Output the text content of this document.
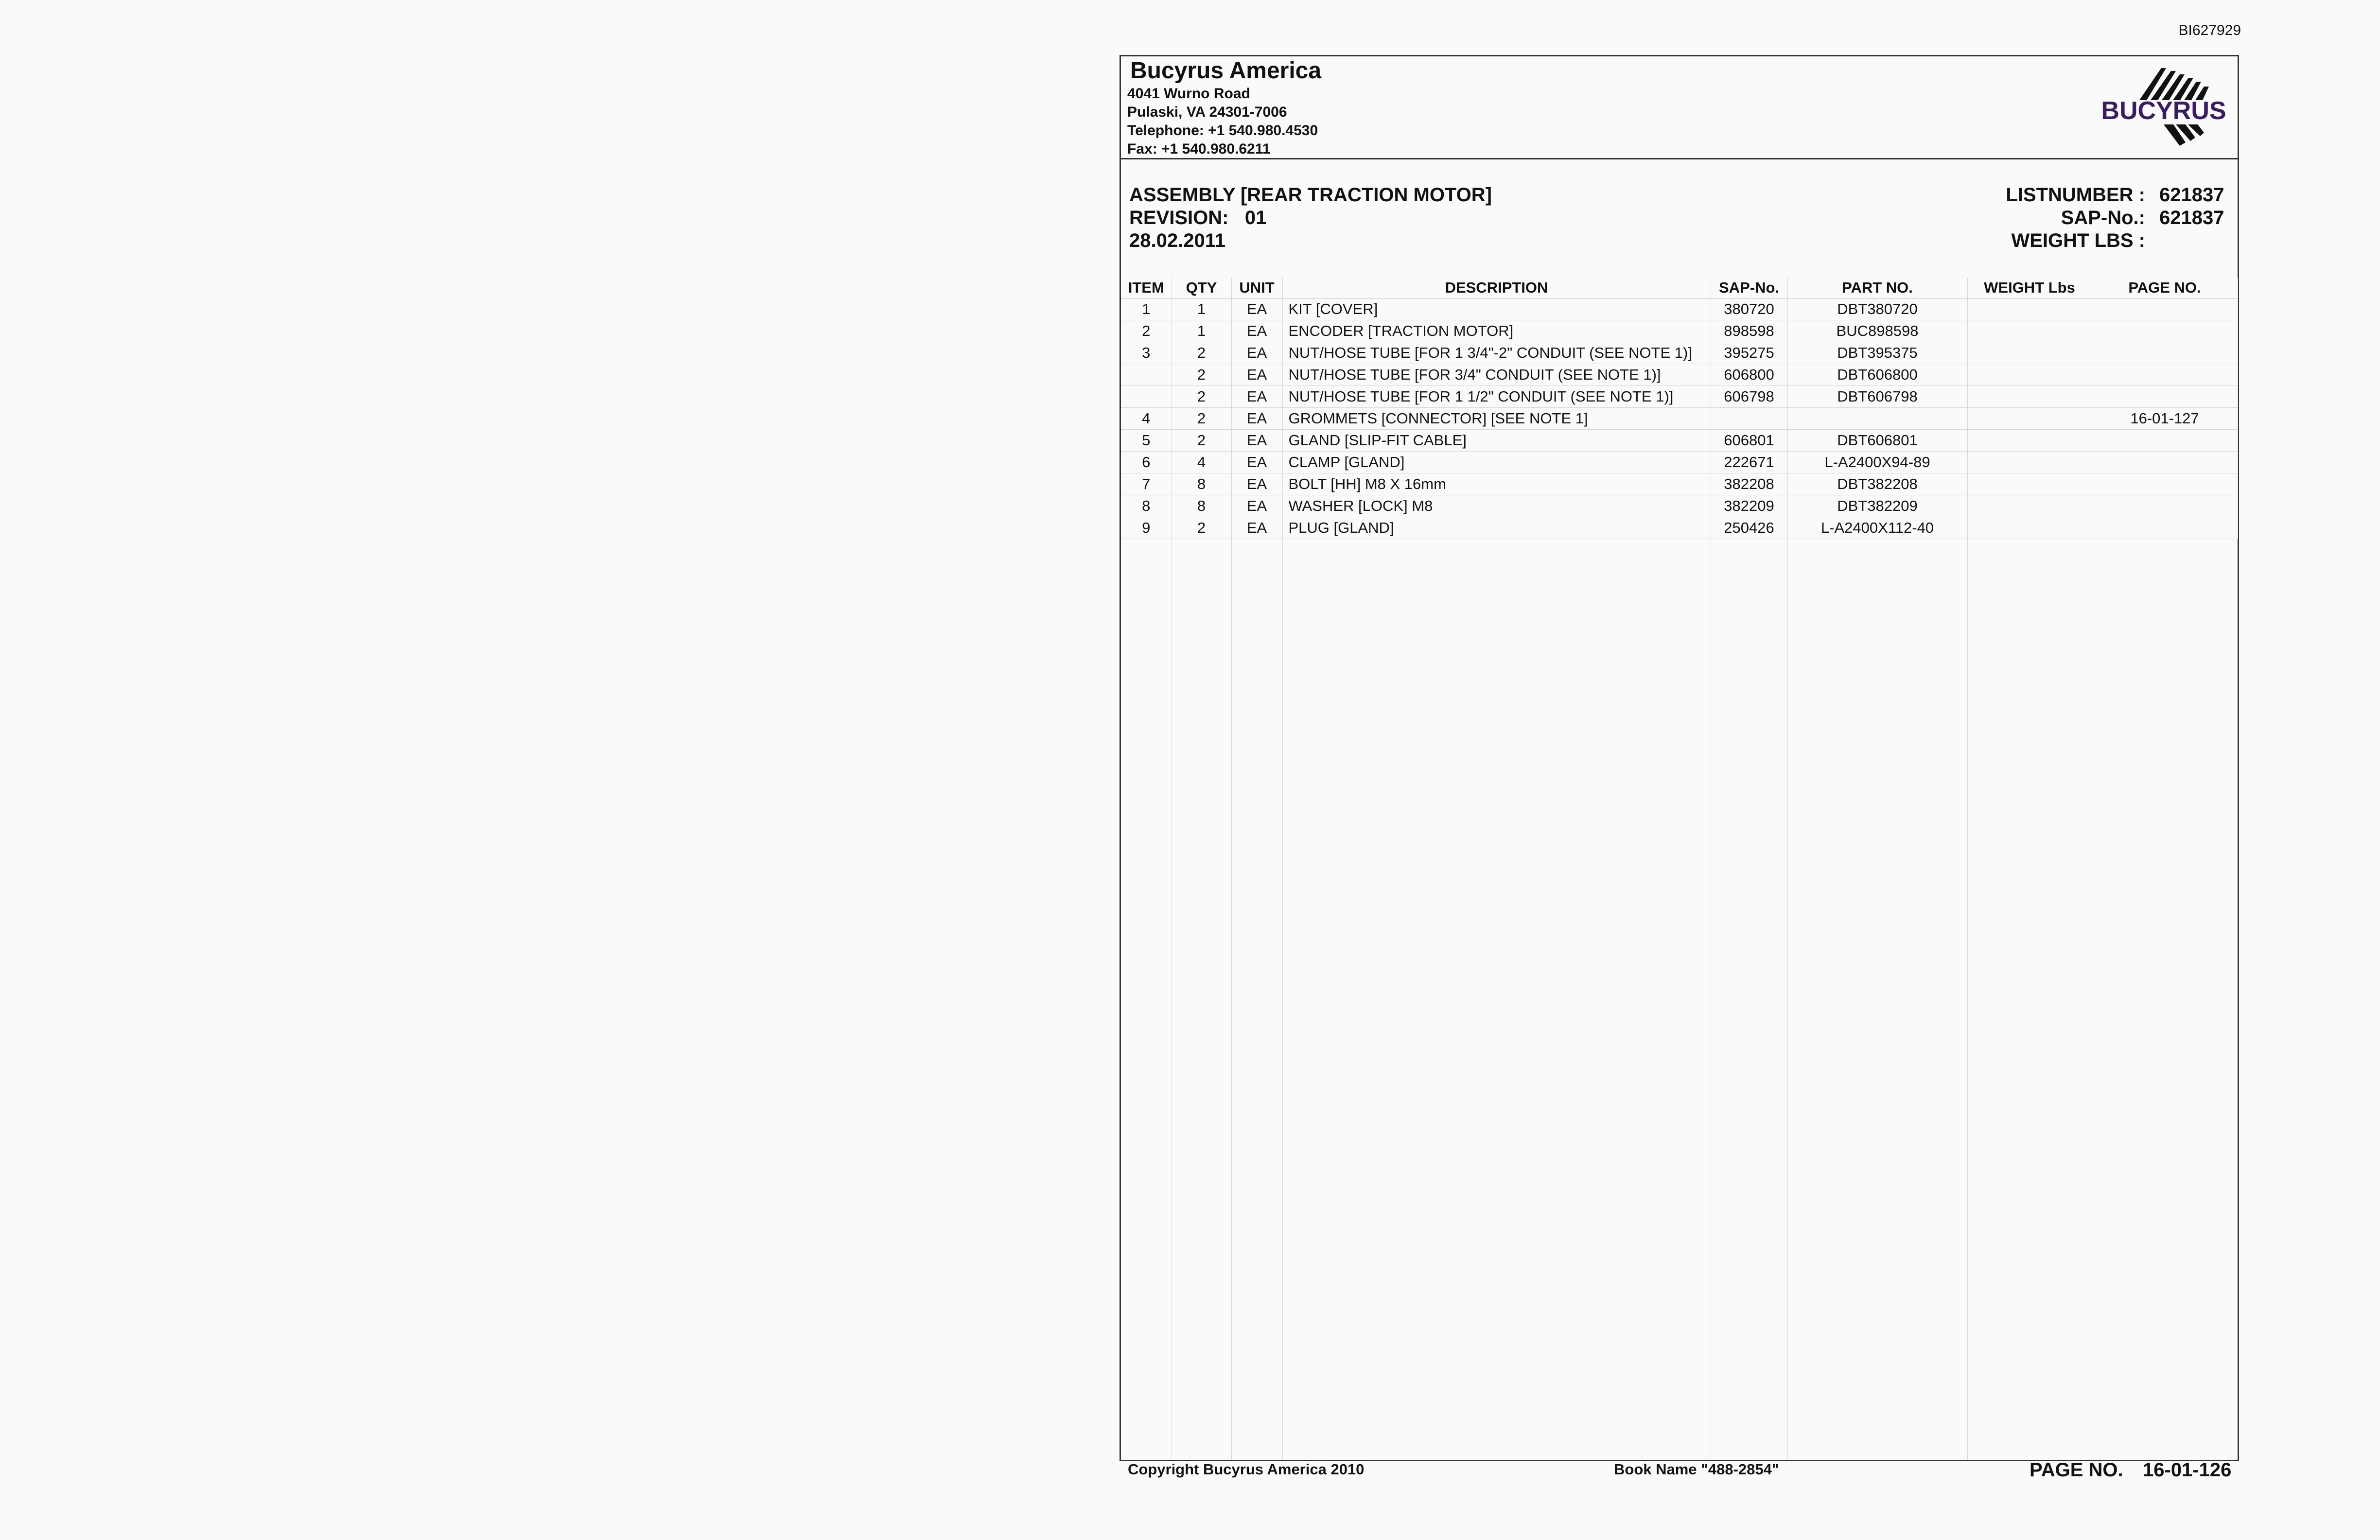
BI627929
Bucyrus America
4041 Wurno Road
Pulaski, VA 24301-7006
Telephone: +1 540.980.4530
Fax: +1 540.980.6211
BUCYRUS
ASSEMBLY [REAR TRACTION MOTOR]
REVISION: 01
28.02.2011
LISTNUMBER : 621837
SAP-No.: 621837
WEIGHT LBS :
ITEM	QTY	UNIT	DESCRIPTION	SAP-No.	PART NO.	WEIGHT Lbs	PAGE NO.
1	1	EA	KIT [COVER]	380720	DBT380720		
2	1	EA	ENCODER [TRACTION MOTOR]	898598	BUC898598		
3	2	EA	NUT/HOSE TUBE [FOR 1 3/4"-2" CONDUIT (SEE NOTE 1)]	395275	DBT395375		
	2	EA	NUT/HOSE TUBE [FOR 3/4" CONDUIT (SEE NOTE 1)]	606800	DBT606800		
	2	EA	NUT/HOSE TUBE [FOR 1 1/2" CONDUIT (SEE NOTE 1)]	606798	DBT606798		
4	2	EA	GROMMETS [CONNECTOR] [SEE NOTE 1]				16-01-127
5	2	EA	GLAND [SLIP-FIT CABLE]	606801	DBT606801		
6	4	EA	CLAMP [GLAND]	222671	L-A2400X94-89		
7	8	EA	BOLT [HH] M8 X 16mm	382208	DBT382208		
8	8	EA	WASHER [LOCK] M8	382209	DBT382209		
9	2	EA	PLUG [GLAND]	250426	L-A2400X112-40		
Copyright Bucyrus America 2010	Book Name "488-2854"	PAGE NO. 16-01-126
